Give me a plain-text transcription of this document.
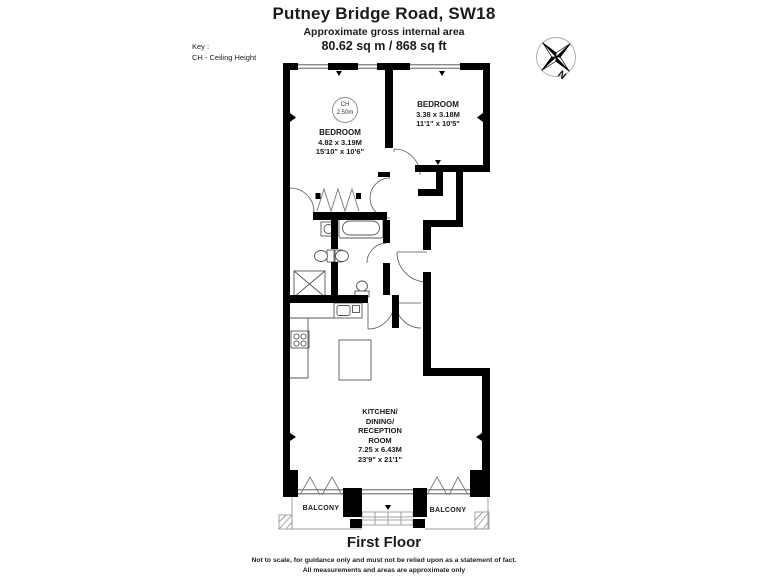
Putney Bridge Road, SW18
Approximate gross internal area
80.62 sq m / 868 sq ft
Key :
CH - Ceiling Height
N
CH
2.50m
BEDROOM
4.82 x 3.19M
15'10" x 10'6"
BEDROOM
3.38 x 3.18M
11'1" x 10'5"
KITCHEN/
DINING/
RECEPTION
ROOM
7.25 x 6.43M
23'9" x 21'1"
BALCONY	BALCONY
First Floor
Not to scale, for guidance only and must not be relied upon as a statement of fact.
All measurements and areas are approximate only
